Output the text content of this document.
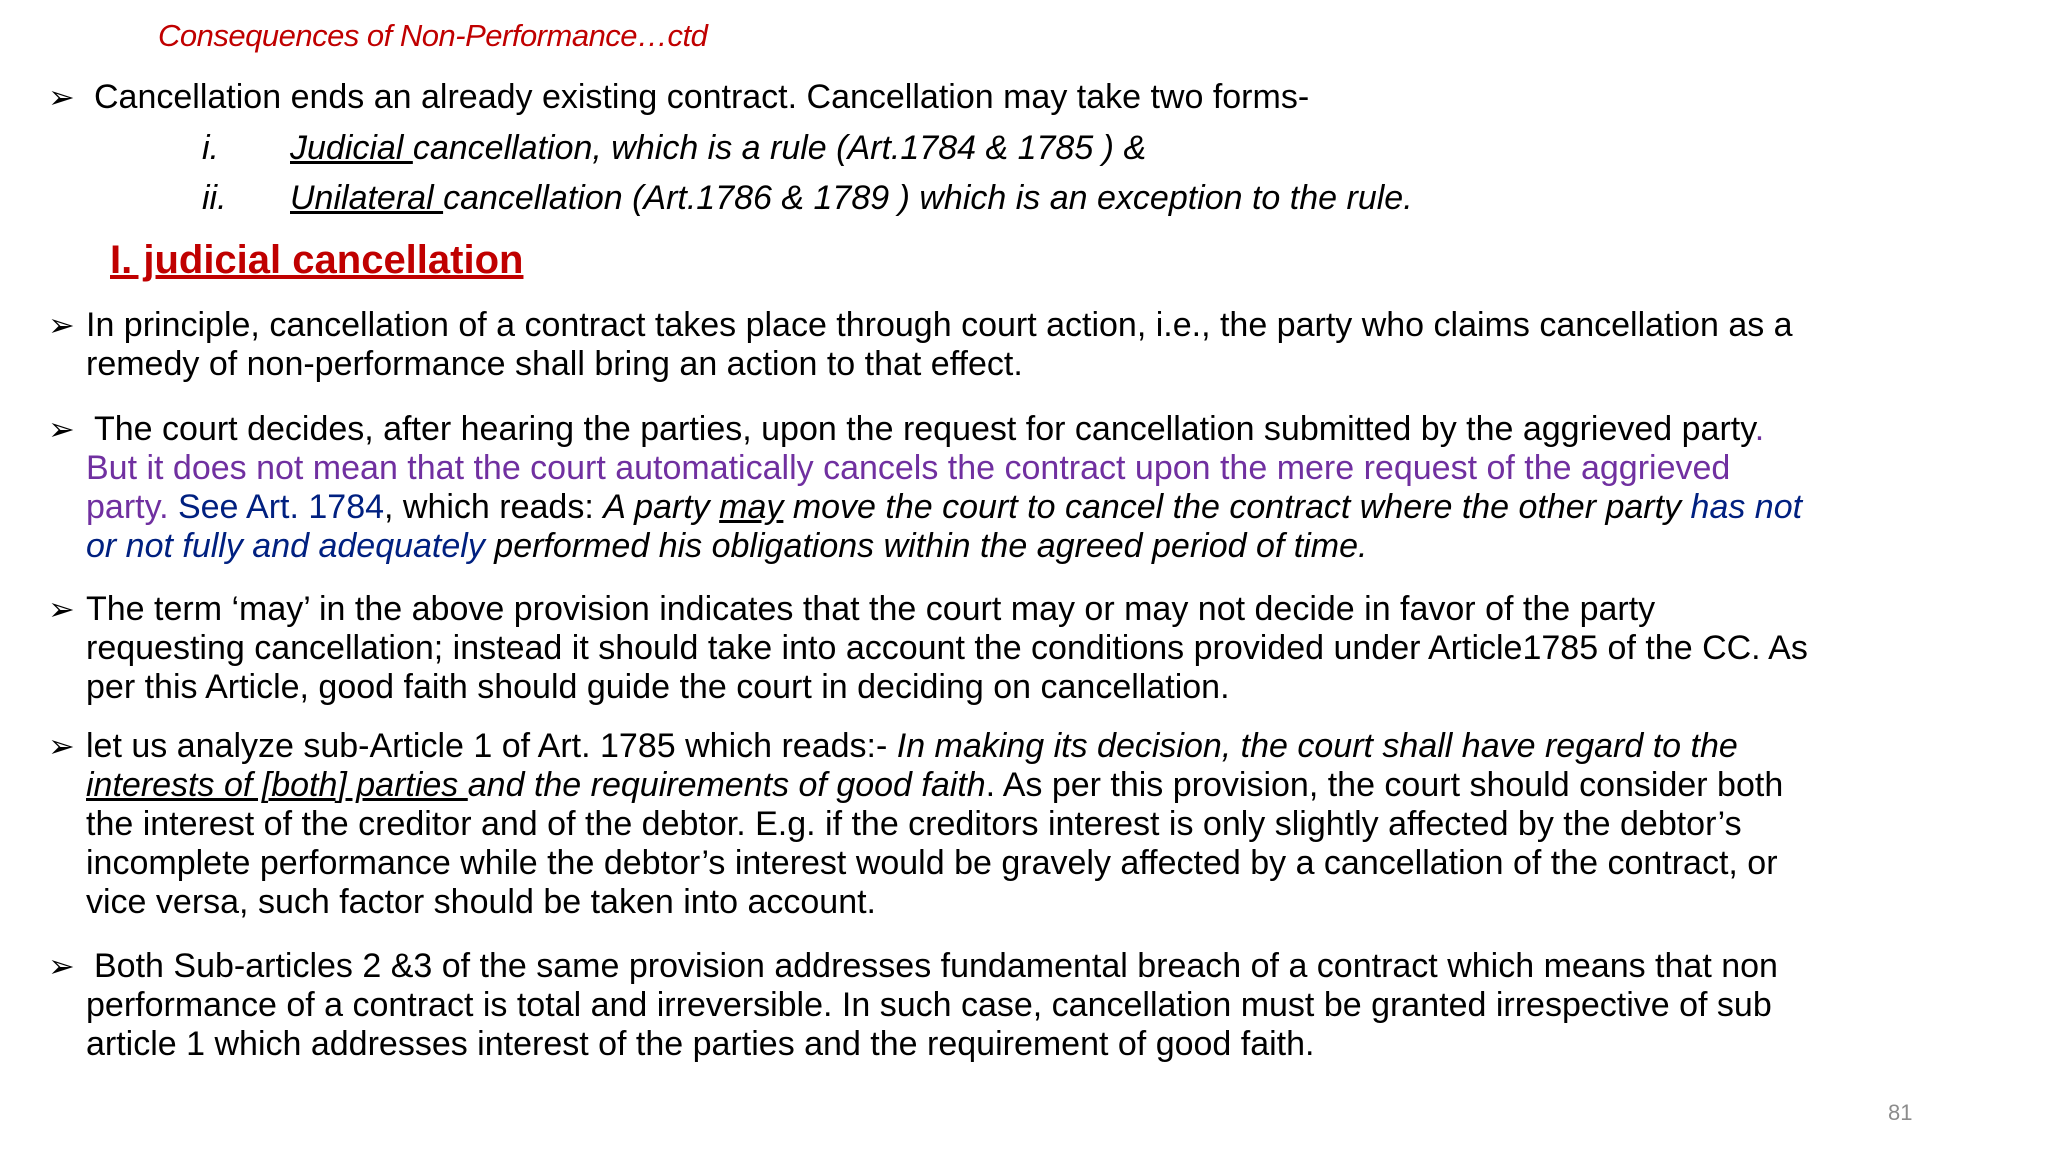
Consequences of Non-Performance…ctd
➢ Cancellation ends an already existing contract. Cancellation may take two forms-
i. Judicial cancellation, which is a rule (Art.1784 & 1785 ) &
ii. Unilateral cancellation (Art.1786 & 1789 ) which is an exception to the rule.
I. judicial cancellation
➢ In principle, cancellation of a contract takes place through court action, i.e., the party who claims cancellation as a
remedy of non-performance shall bring an action to that effect.
➢ The court decides, after hearing the parties, upon the request for cancellation submitted by the aggrieved party.

But it does not mean that the court automatically cancels the contract upon the mere request of the aggrieved
party. See Art. 1784, which reads: A party may move the court to cancel the contract where the other party has not
or not fully and adequately performed his obligations within the agreed period of time.
➢ The term ‘may’ in the above provision indicates that the court may or may not decide in favor of the party
requesting cancellation; instead it should take into account the conditions provided under Article1785 of the CC. As
per this Article, good faith should guide the court in deciding on cancellation.
➢ let us analyze sub-Article 1 of Art. 1785 which reads:- In making its decision, the court shall have regard to the
interests of [both] parties and the requirements of good faith. As per this provision, the court should consider both
the interest of the creditor and of the debtor. E.g. if the creditors interest is only slightly affected by the debtor’s
incomplete performance while the debtor’s interest would be gravely affected by a cancellation of the contract, or
vice versa, such factor should be taken into account.
➢ Both Sub-articles 2 &3 of the same provision addresses fundamental breach of a contract which means that non

performance of a contract is total and irreversible. In such case, cancellation must be granted irrespective of sub
article 1 which addresses interest of the parties and the requirement of good faith.
81
